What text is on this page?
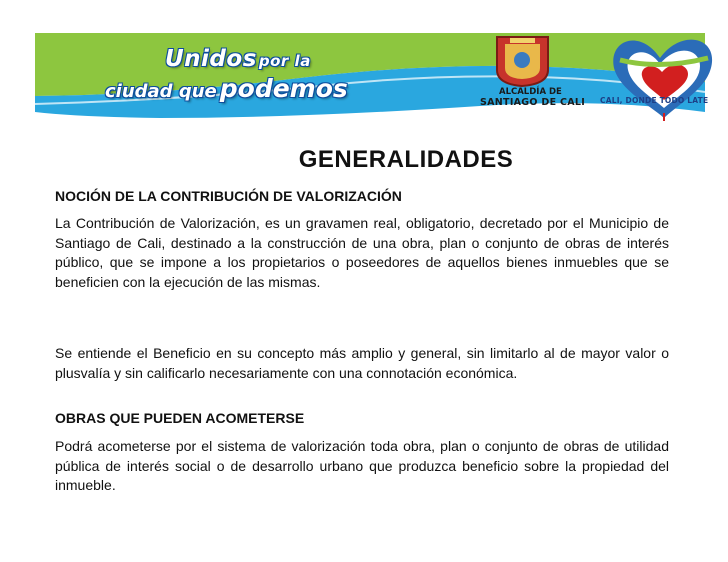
Unidos por la
ciudad que podemos	ALCALDÍA DE
SANTIAGO DE CALI CALI, DONDE TODO LATE
GENERALIDADES
NOCIÓN DE LA CONTRIBUCIÓN DE VALORIZACIÓN

La Contribución de Valorización, es un gravamen real, obligatorio, decretado por el Municipio de Santiago de Cali, destinado a la construcción de una obra, plan o conjunto de obras de interés público, que se impone a los propietarios o poseedores de aquellos bienes inmuebles que se beneficien con la ejecución de las mismas.

Se entiende el Beneficio en su concepto más amplio y general, sin limitarlo al de mayor valor o plusvalía y sin calificarlo necesariamente con una connotación económica.

OBRAS QUE PUEDEN ACOMETERSE

Podrá acometerse por el sistema de valorización toda obra, plan o conjunto de obras de utilidad pública de interés social o de desarrollo urbano que produzca beneficio sobre la propiedad del inmueble.
